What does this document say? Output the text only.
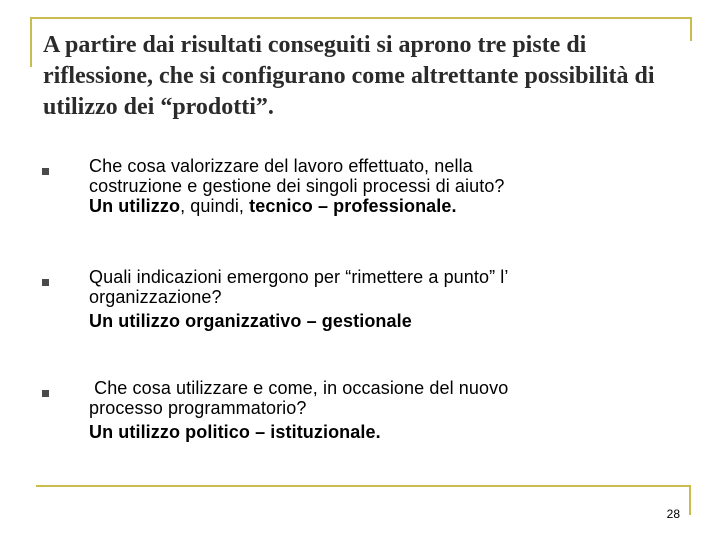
A partire dai risultati conseguiti si aprono tre piste di riflessione, che si configurano come altrettante possibilità di utilizzo dei “prodotti”.
Che cosa valorizzare del lavoro effettuato, nella
costruzione e gestione dei singoli processi di aiuto?
Un utilizzo, quindi, tecnico – professionale.
Quali indicazioni emergono per “rimettere a punto” l’
organizzazione?
Un utilizzo organizzativo – gestionale
Che cosa utilizzare e come, in occasione del nuovo
processo programmatorio?
Un utilizzo politico – istituzionale.
28
